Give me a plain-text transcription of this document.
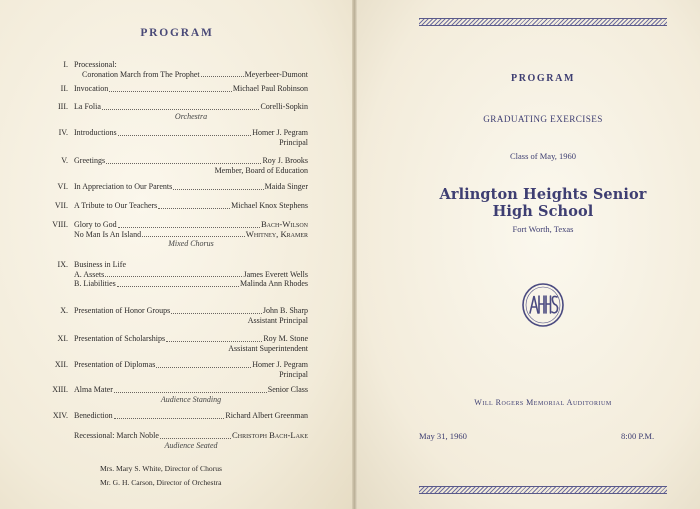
PROGRAM
I. Processional:
Coronation March from The Prophet	Meyerbeer-Dumont
II. Invocation	Michael Paul Robinson
III. La Folia	Corelli-Sopkin
Orchestra
IV. Introductions	Homer J. Pegram
Principal
V. Greetings	Roy J. Brooks
Member, Board of Education
VI. In Appreciation to Our Parents	Maida Singer
VII. A Tribute to Our Teachers	Michael Knox Stephens
VIII. Glory to God	Bach-Wilson
No Man Is An Island	Whitney, Kramer
Mixed Chorus
IX. Business in Life
A. Assets	James Everett Wells
B. Liabilities	Malinda Ann Rhodes
X. Presentation of Honor Groups	John B. Sharp
Assistant Principal
XI. Presentation of Scholarships	Roy M. Stone
Assistant Superintendent
XII. Presentation of Diplomas	Homer J. Pegram
Principal
XIII. Alma Mater	Senior Class
Audience Standing
XIV. Benediction	Richard Albert Greenman
Recessional: March Noble	Christoph Bach-Lake
Audience Seated
Mrs. Mary S. White, Director of Chorus
Mr. G. H. Carson, Director of Orchestra
PROGRAM
GRADUATING EXERCISES
Class of May, 1960
Arlington Heights Senior High School
Fort Worth, Texas
Will Rogers Memorial Auditorium
May 31, 1960	8:00 P.M.
